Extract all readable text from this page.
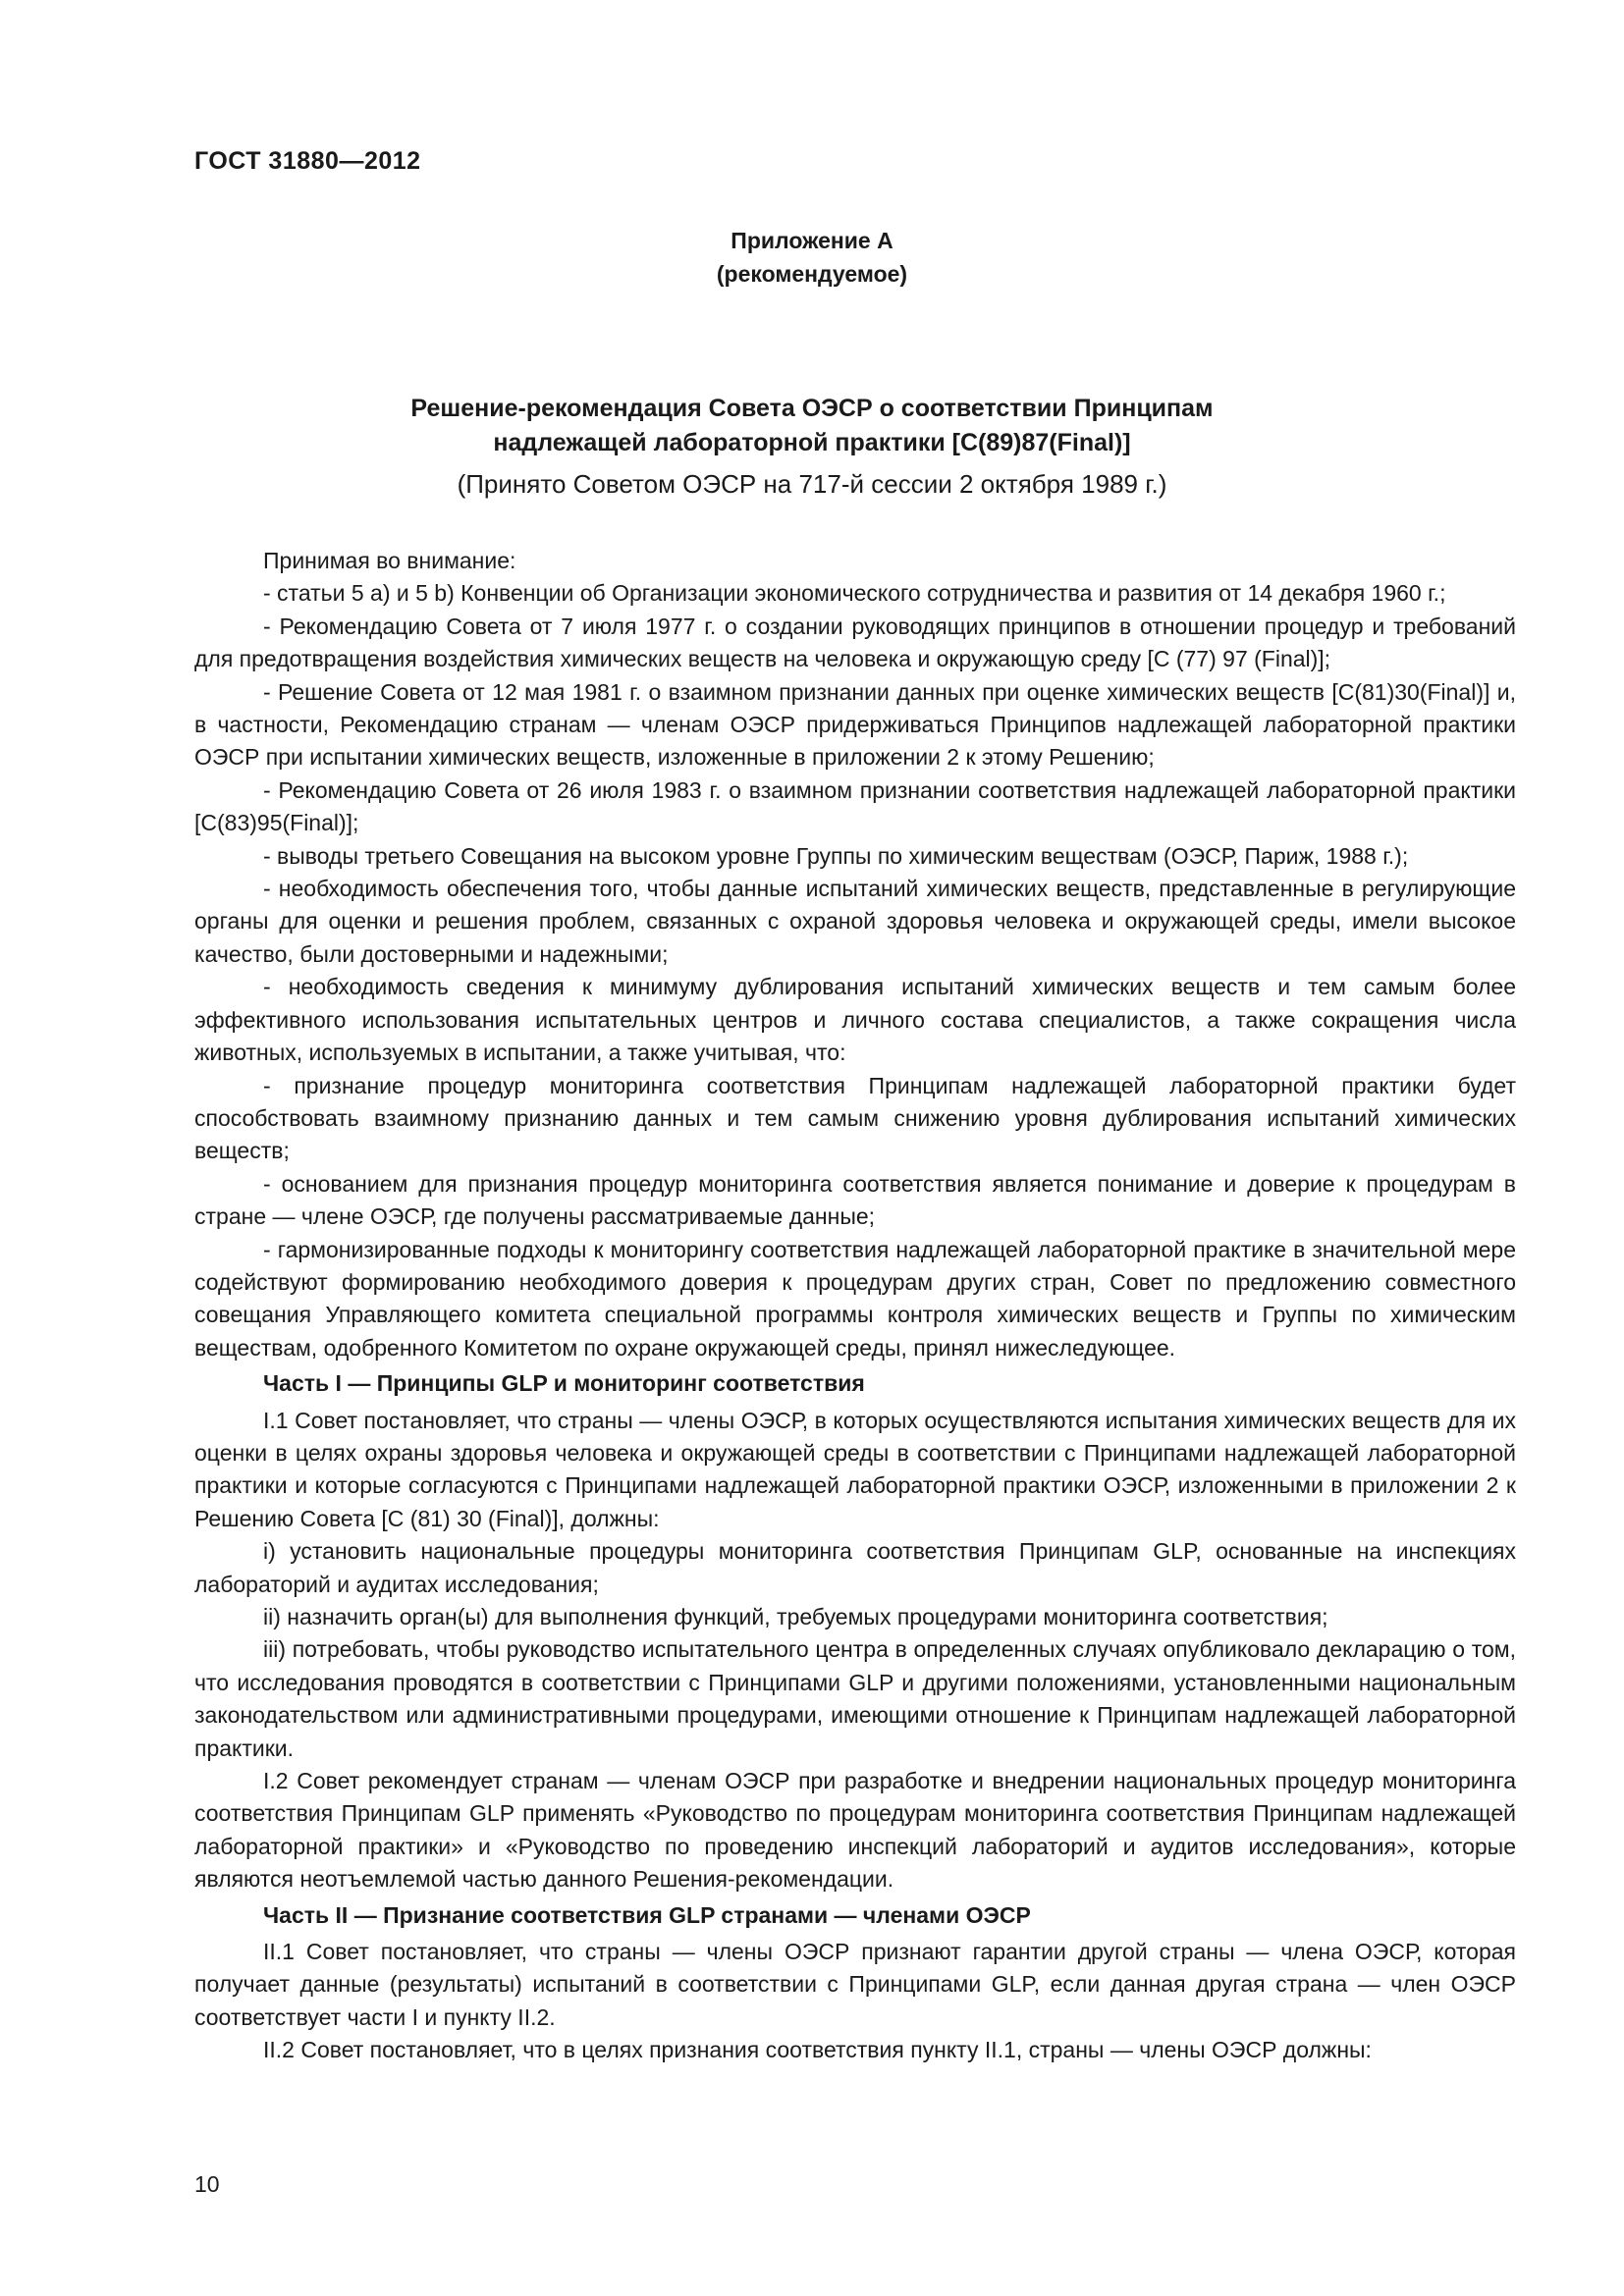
ГОСТ 31880—2012
Приложение А
(рекомендуемое)
Решение-рекомендация Совета ОЭСР о соответствии Принципам
надлежащей лабораторной практики [С(89)87(Final)]
(Принято Советом ОЭСР на 717-й сессии 2 октября 1989 г.)

Принимая во внимание:

- статьи 5 а) и 5 b) Конвенции об Организации экономического сотрудничества и развития от 14 декабря 1960 г.;

- Рекомендацию Совета от 7 июля 1977 г. о создании руководящих принципов в отношении процедур и требований для предотвращения воздействия химических веществ на человека и окружающую среду [С (77) 97 (Final)];

- Решение Совета от 12 мая 1981 г. о взаимном признании данных при оценке химических веществ [С(81)30(Final)] и, в частности, Рекомендацию странам — членам ОЭСР придерживаться Принципов надлежащей лабораторной практики ОЭСР при испытании химических веществ, изложенные в приложении 2 к этому Решению;

- Рекомендацию Совета от 26 июля 1983 г. о взаимном признании соответствия надлежащей лабораторной практики [С(83)95(Final)];

- выводы третьего Совещания на высоком уровне Группы по химическим веществам (ОЭСР, Париж, 1988 г.);

- необходимость обеспечения того, чтобы данные испытаний химических веществ, представленные в регулирующие органы для оценки и решения проблем, связанных с охраной здоровья человека и окружающей среды, имели высокое качество, были достоверными и надежными;

- необходимость сведения к минимуму дублирования испытаний химических веществ и тем самым более эффективного использования испытательных центров и личного состава специалистов, а также сокращения числа животных, используемых в испытании, а также учитывая, что:

- признание процедур мониторинга соответствия Принципам надлежащей лабораторной практики будет способствовать взаимному признанию данных и тем самым снижению уровня дублирования испытаний химических веществ;

- основанием для признания процедур мониторинга соответствия является понимание и доверие к процедурам в стране — члене ОЭСР, где получены рассматриваемые данные;

- гармонизированные подходы к мониторингу соответствия надлежащей лабораторной практике в значительной мере содействуют формированию необходимого доверия к процедурам других стран, Совет по предложению совместного совещания Управляющего комитета специальной программы контроля химических веществ и Группы по химическим веществам, одобренного Комитетом по охране окружающей среды, принял нижеследующее.

Часть I — Принципы GLP и мониторинг соответствия

I.1 Совет постановляет, что страны — члены ОЭСР, в которых осуществляются испытания химических веществ для их оценки в целях охраны здоровья человека и окружающей среды в соответствии с Принципами надлежащей лабораторной практики и которые согласуются с Принципами надлежащей лабораторной практики ОЭСР, изложенными в приложении 2 к Решению Совета [С (81) 30 (Final)], должны:

i) установить национальные процедуры мониторинга соответствия Принципам GLP, основанные на инспекциях лабораторий и аудитах исследования;

ii) назначить орган(ы) для выполнения функций, требуемых процедурами мониторинга соответствия;

iii) потребовать, чтобы руководство испытательного центра в определенных случаях опубликовало декларацию о том, что исследования проводятся в соответствии с Принципами GLP и другими положениями, установленными национальным законодательством или административными процедурами, имеющими отношение к Принципам надлежащей лабораторной практики.

I.2 Совет рекомендует странам — членам ОЭСР при разработке и внедрении национальных процедур мониторинга соответствия Принципам GLP применять «Руководство по процедурам мониторинга соответствия Принципам надлежащей лабораторной практики» и «Руководство по проведению инспекций лабораторий и аудитов исследования», которые являются неотъемлемой частью данного Решения-рекомендации.

Часть II — Признание соответствия GLP странами — членами ОЭСР

II.1 Совет постановляет, что страны — члены ОЭСР признают гарантии другой страны — члена ОЭСР, которая получает данные (результаты) испытаний в соответствии с Принципами GLP, если данная другая страна — член ОЭСР соответствует части I и пункту II.2.

II.2 Совет постановляет, что в целях признания соответствия пункту II.1, страны — члены ОЭСР должны:

10
